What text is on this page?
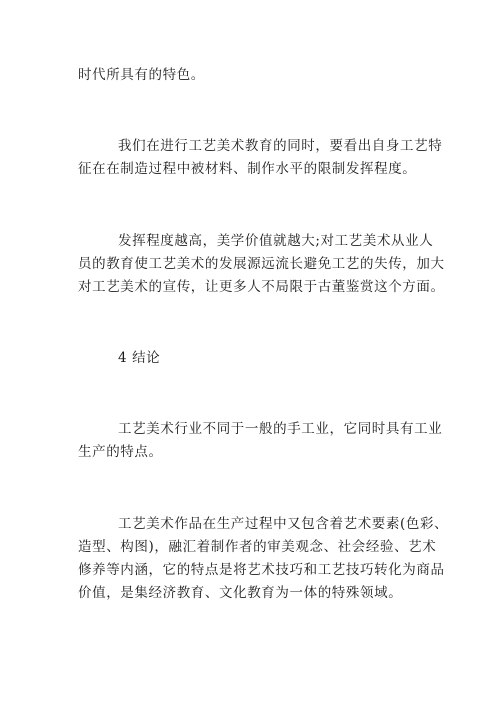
时代所具有的特色。

我们在进行工艺美术教育的同时，要看出自身工艺特
征在在制造过程中被材料、制作水平的限制发挥程度。

发挥程度越高，美学价值就越大;对工艺美术从业人
员的教育使工艺美术的发展源远流长避免工艺的失传，加大
对工艺美术的宣传，让更多人不局限于古董鉴赏这个方面。

4 结论

工艺美术行业不同于一般的手工业，它同时具有工业
生产的特点。

工艺美术作品在生产过程中又包含着艺术要素(色彩、
造型、构图)，融汇着制作者的审美观念、社会经验、艺术
修养等内涵，它的特点是将艺术技巧和工艺技巧转化为商品
价值，是集经济教育、文化教育为一体的特殊领域。
